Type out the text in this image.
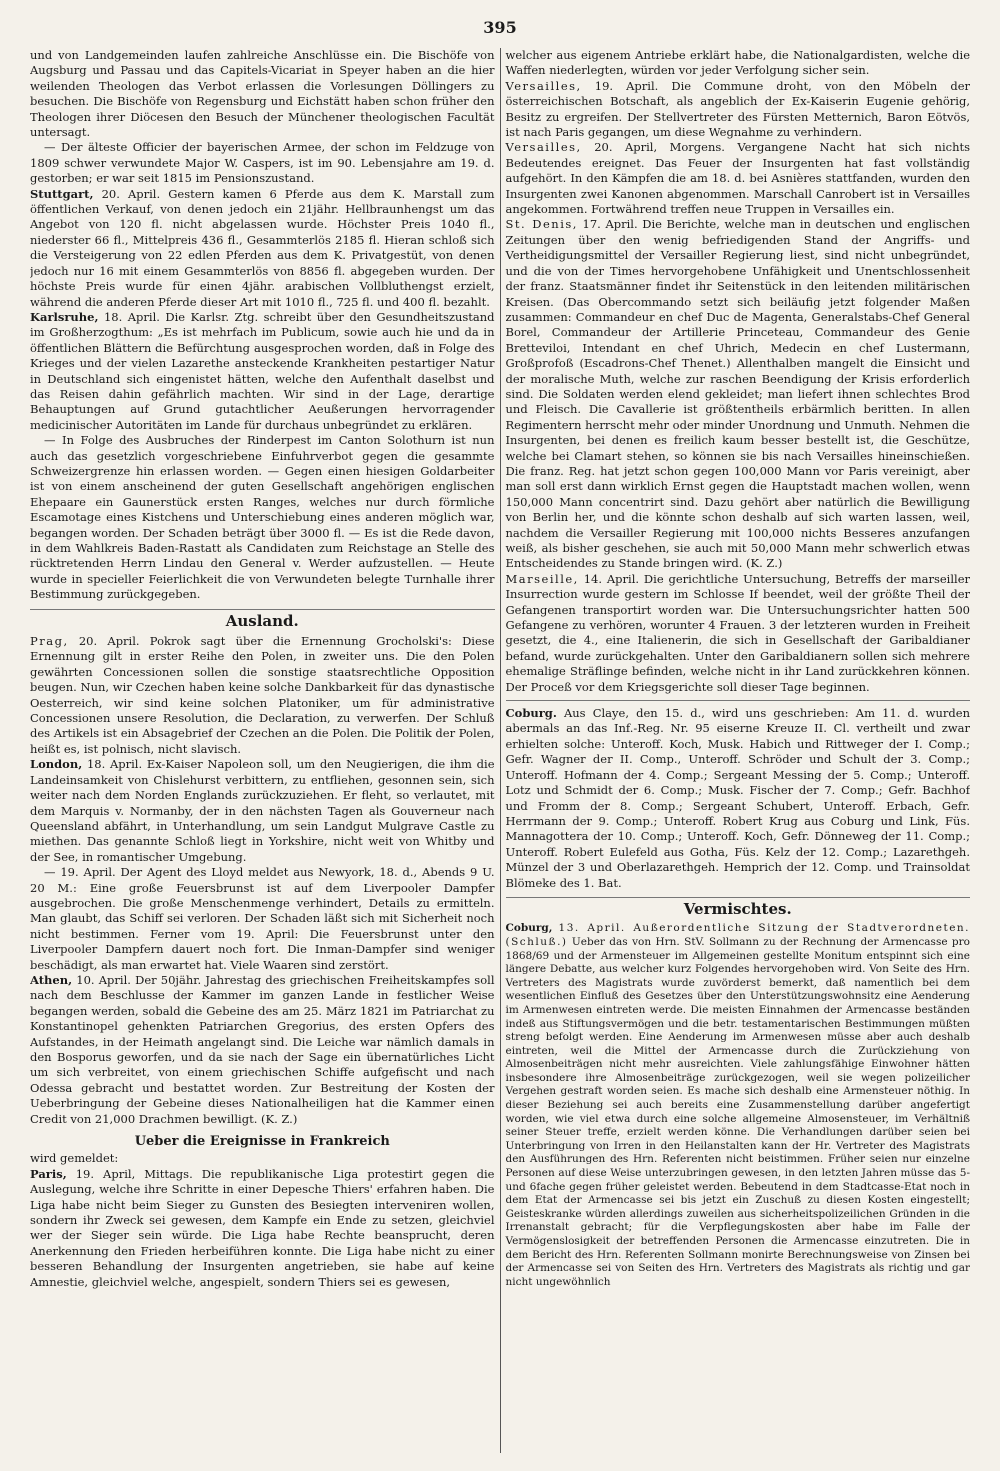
395

und von Landgemeinden laufen zahlreiche Anschlüsse ein. Die Bischöfe von Augsburg und Passau und das Capitels-Vicariat in Speyer haben an die hier weilenden Theologen das Verbot erlassen die Vorlesungen Döllingers zu besuchen. Die Bischöfe von Regensburg und Eichstätt haben schon früher den Theologen ihrer Diöcesen den Besuch der Münchener theologischen Facultät untersagt.

— Der älteste Officier der bayerischen Armee, der schon im Feldzuge von 1809 schwer verwundete Major W. Caspers, ist im 90. Lebensjahre am 19. d. gestorben; er war seit 1815 im Pensionszustand.

Stuttgart, 20. April. Gestern kamen 6 Pferde aus dem K. Marstall zum öffentlichen Verkauf, von denen jedoch ein 21jähr. Hellbraunhengst um das Angebot von 120 fl. nicht abgelassen wurde. Höchster Preis 1040 fl., niederster 66 fl., Mittelpreis 436 fl., Gesammterlös 2185 fl. Hieran schloß sich die Versteigerung von 22 edlen Pferden aus dem K. Privatgestüt, von denen jedoch nur 16 mit einem Gesammterlös von 8856 fl. abgegeben wurden. Der höchste Preis wurde für einen 4jähr. arabischen Vollbluthengst erzielt, während die anderen Pferde dieser Art mit 1010 fl., 725 fl. und 400 fl. bezahlt.

Karlsruhe, 18. April. Die Karlsr. Ztg. schreibt über den Gesundheitszustand im Großherzogthum: „Es ist mehrfach im Publicum, sowie auch hie und da in öffentlichen Blättern die Befürchtung ausgesprochen worden, daß in Folge des Krieges und der vielen Lazarethe ansteckende Krankheiten pestartiger Natur in Deutschland sich eingenistet hätten, welche den Aufenthalt daselbst und das Reisen dahin gefährlich machten. Wir sind in der Lage, derartige Behauptungen auf Grund gutachtlicher Aeußerungen hervorragender medicinischer Autoritäten im Lande für durchaus unbegründet zu erklären.

— In Folge des Ausbruches der Rinderpest im Canton Solothurn ist nun auch das gesetzlich vorgeschriebene Einfuhrverbot gegen die gesammte Schweizergrenze hin erlassen worden. — Gegen einen hiesigen Goldarbeiter ist von einem anscheinend der guten Gesellschaft angehörigen englischen Ehepaare ein Gaunerstück ersten Ranges, welches nur durch förmliche Escamotage eines Kistchens und Unterschiebung eines anderen möglich war, begangen worden. Der Schaden beträgt über 3000 fl. — Es ist die Rede davon, in dem Wahlkreis Baden-Rastatt als Candidaten zum Reichstage an Stelle des rücktretenden Herrn Lindau den General v. Werder aufzustellen. — Heute wurde in specieller Feierlichkeit die von Verwundeten belegte Turnhalle ihrer Bestimmung zurückgegeben.

Ausland.

Prag, 20. April. Pokrok sagt über die Ernennung Grocholski's: Diese Ernennung gilt in erster Reihe den Polen, in zweiter uns. Die den Polen gewährten Concessionen sollen die sonstige staatsrechtliche Opposition beugen. Nun, wir Czechen haben keine solche Dankbarkeit für das dynastische Oesterreich, wir sind keine solchen Platoniker, um für administrative Concessionen unsere Resolution, die Declaration, zu verwerfen. Der Schluß des Artikels ist ein Absagebrief der Czechen an die Polen. Die Politik der Polen, heißt es, ist polnisch, nicht slavisch.

London, 18. April. Ex-Kaiser Napoleon soll, um den Neugierigen, die ihm die Landeinsamkeit von Chislehurst verbittern, zu entfliehen, gesonnen sein, sich weiter nach dem Norden Englands zurückzuziehen. Er fleht, so verlautet, mit dem Marquis v. Normanby, der in den nächsten Tagen als Gouverneur nach Queensland abfährt, in Unterhandlung, um sein Landgut Mulgrave Castle zu miethen. Das genannte Schloß liegt in Yorkshire, nicht weit von Whitby und der See, in romantischer Umgebung.

— 19. April. Der Agent des Lloyd meldet aus Newyork, 18. d., Abends 9 U. 20 M.: Eine große Feuersbrunst ist auf dem Liverpooler Dampfer ausgebrochen. Die große Menschenmenge verhindert, Details zu ermitteln. Man glaubt, das Schiff sei verloren. Der Schaden läßt sich mit Sicherheit noch nicht bestimmen. Ferner vom 19. April: Die Feuersbrunst unter den Liverpooler Dampfern dauert noch fort. Die Inman-Dampfer sind weniger beschädigt, als man erwartet hat. Viele Waaren sind zerstört.

Athen, 10. April. Der 50jähr. Jahrestag des griechischen Freiheitskampfes soll nach dem Beschlusse der Kammer im ganzen Lande in festlicher Weise begangen werden, sobald die Gebeine des am 25. März 1821 im Patriarchat zu Konstantinopel gehenkten Patriarchen Gregorius, des ersten Opfers des Aufstandes, in der Heimath angelangt sind. Die Leiche war nämlich damals in den Bosporus geworfen, und da sie nach der Sage ein übernatürliches Licht um sich verbreitet, von einem griechischen Schiffe aufgefischt und nach Odessa gebracht und bestattet worden. Zur Bestreitung der Kosten der Ueberbringung der Gebeine dieses Nationalheiligen hat die Kammer einen Credit von 21,000 Drachmen bewilligt. (K. Z.)

Ueber die Ereignisse in Frankreich

wird gemeldet:

Paris, 19. April, Mittags. Die republikanische Liga protestirt gegen die Auslegung, welche ihre Schritte in einer Depesche Thiers' erfahren haben. Die Liga habe nicht beim Sieger zu Gunsten des Besiegten interveniren wollen, sondern ihr Zweck sei gewesen, dem Kampfe ein Ende zu setzen, gleichviel wer der Sieger sein würde. Die Liga habe Rechte beansprucht, deren Anerkennung den Frieden herbeiführen konnte. Die Liga habe nicht zu einer besseren Behandlung der Insurgenten angetrieben, sie habe auf keine Amnestie, gleichviel welche, angespielt, sondern Thiers sei es gewesen,

welcher aus eigenem Antriebe erklärt habe, die Nationalgardisten, welche die Waffen niederlegten, würden vor jeder Verfolgung sicher sein.

Versailles, 19. April. Die Commune droht, von den Möbeln der österreichischen Botschaft, als angeblich der Ex-Kaiserin Eugenie gehörig, Besitz zu ergreifen. Der Stellvertreter des Fürsten Metternich, Baron Eötvös, ist nach Paris gegangen, um diese Wegnahme zu verhindern.

Versailles, 20. April, Morgens. Vergangene Nacht hat sich nichts Bedeutendes ereignet. Das Feuer der Insurgenten hat fast vollständig aufgehört. In den Kämpfen die am 18. d. bei Asnières stattfanden, wurden den Insurgenten zwei Kanonen abgenommen. Marschall Canrobert ist in Versailles angekommen. Fortwährend treffen neue Truppen in Versailles ein.

St. Denis, 17. April. Die Berichte, welche man in deutschen und englischen Zeitungen über den wenig befriedigenden Stand der Angriffs- und Vertheidigungsmittel der Versailler Regierung liest, sind nicht unbegründet, und die von der Times hervorgehobene Unfähigkeit und Unentschlossenheit der franz. Staatsmänner findet ihr Seitenstück in den leitenden militärischen Kreisen. (Das Obercommando setzt sich beiläufig jetzt folgender Maßen zusammen: Commandeur en chef Duc de Magenta, Generalstabs-Chef General Borel, Commandeur der Artillerie Princeteau, Commandeur des Genie Bretteviloi, Intendant en chef Uhrich, Medecin en chef Lustermann, Großprofoß (Escadrons-Chef Thenet.) Allenthalben mangelt die Einsicht und der moralische Muth, welche zur raschen Beendigung der Krisis erforderlich sind. Die Soldaten werden elend gekleidet; man liefert ihnen schlechtes Brod und Fleisch. Die Cavallerie ist größtentheils erbärmlich beritten. In allen Regimentern herrscht mehr oder minder Unordnung und Unmuth. Nehmen die Insurgenten, bei denen es freilich kaum besser bestellt ist, die Geschütze, welche bei Clamart stehen, so können sie bis nach Versailles hineinschießen. Die franz. Reg. hat jetzt schon gegen 100,000 Mann vor Paris vereinigt, aber man soll erst dann wirklich Ernst gegen die Hauptstadt machen wollen, wenn 150,000 Mann concentrirt sind. Dazu gehört aber natürlich die Bewilligung von Berlin her, und die könnte schon deshalb auf sich warten lassen, weil, nachdem die Versailler Regierung mit 100,000 nichts Besseres anzufangen weiß, als bisher geschehen, sie auch mit 50,000 Mann mehr schwerlich etwas Entscheidendes zu Stande bringen wird. (K. Z.)

Marseille, 14. April. Die gerichtliche Untersuchung, Betreffs der marseiller Insurrection wurde gestern im Schlosse If beendet, weil der größte Theil der Gefangenen transportirt worden war. Die Untersuchungsrichter hatten 500 Gefangene zu verhören, worunter 4 Frauen. 3 der letzteren wurden in Freiheit gesetzt, die 4., eine Italienerin, die sich in Gesellschaft der Garibaldianer befand, wurde zurückgehalten. Unter den Garibaldianern sollen sich mehrere ehemalige Sträflinge befinden, welche nicht in ihr Land zurückkehren können. Der Proceß vor dem Kriegsgerichte soll dieser Tage beginnen.

Coburg. Aus Claye, den 15. d., wird uns geschrieben: Am 11. d. wurden abermals an das Inf.-Reg. Nr. 95 eiserne Kreuze II. Cl. vertheilt und zwar erhielten solche: Unteroff. Koch, Musk. Habich und Rittweger der I. Comp.; Gefr. Wagner der II. Comp., Unteroff. Schröder und Schult der 3. Comp.; Unteroff. Hofmann der 4. Comp.; Sergeant Messing der 5. Comp.; Unteroff. Lotz und Schmidt der 6. Comp.; Musk. Fischer der 7. Comp.; Gefr. Bachhof und Fromm der 8. Comp.; Sergeant Schubert, Unteroff. Erbach, Gefr. Herrmann der 9. Comp.; Unteroff. Robert Krug aus Coburg und Link, Füs. Mannagottera der 10. Comp.; Unteroff. Koch, Gefr. Dönneweg der 11. Comp.; Unteroff. Robert Eulefeld aus Gotha, Füs. Kelz der 12. Comp.; Lazarethgeh. Münzel der 3 und Oberlazarethgeh. Hemprich der 12. Comp. und Trainsoldat Blömeke des 1. Bat.

Vermischtes.

Coburg, 13. April. Außerordentliche Sitzung der Stadtverordneten. (Schluß.) Ueber das von Hrn. StV. Sollmann zu der Rechnung der Armencasse pro 1868/69 und der Armensteuer im Allgemeinen gestellte Monitum entspinnt sich eine längere Debatte, aus welcher kurz Folgendes hervorgehoben wird. Von Seite des Hrn. Vertreters des Magistrats wurde zuvörderst bemerkt, daß namentlich bei dem wesentlichen Einfluß des Gesetzes über den Unterstützungswohnsitz eine Aenderung im Armenwesen eintreten werde. Die meisten Einnahmen der Armencasse beständen indeß aus Stiftungsvermögen und die betr. testamentarischen Bestimmungen müßten streng befolgt werden. Eine Aenderung im Armenwesen müsse aber auch deshalb eintreten, weil die Mittel der Armencasse durch die Zurückziehung von Almosenbeiträgen nicht mehr ausreichten. Viele zahlungsfähige Einwohner hätten insbesondere ihre Almosenbeiträge zurückgezogen, weil sie wegen polizeilicher Vergehen gestraft worden seien. Es mache sich deshalb eine Armensteuer nöthig. In dieser Beziehung sei auch bereits eine Zusammenstellung darüber angefertigt worden, wie viel etwa durch eine solche allgemeine Almosensteuer, im Verhältniß seiner Steuer treffe, erzielt werden könne. Die Verhandlungen darüber seien bei Unterbringung von Irren in den Heilanstalten kann der Hr. Vertreter des Magistrats den Ausführungen des Hrn. Referenten nicht beistimmen. Früher seien nur einzelne Personen auf diese Weise unterzubringen gewesen, in den letzten Jahren müsse das 5- und 6fache gegen früher geleistet werden. Bebeutend in dem Stadtcasse-Etat noch in dem Etat der Armencasse sei bis jetzt ein Zuschuß zu diesen Kosten eingestellt; Geisteskranke würden allerdings zuweilen aus sicherheitspolizeilichen Gründen in die Irrenanstalt gebracht; für die Verpflegungskosten aber habe im Falle der Vermögenslosigkeit der betreffenden Personen die Armencasse einzutreten. Die in dem Bericht des Hrn. Referenten Sollmann monirte Berechnungsweise von Zinsen bei der Armencasse sei von Seiten des Hrn. Vertreters des Magistrats als richtig und gar nicht ungewöhnlich
